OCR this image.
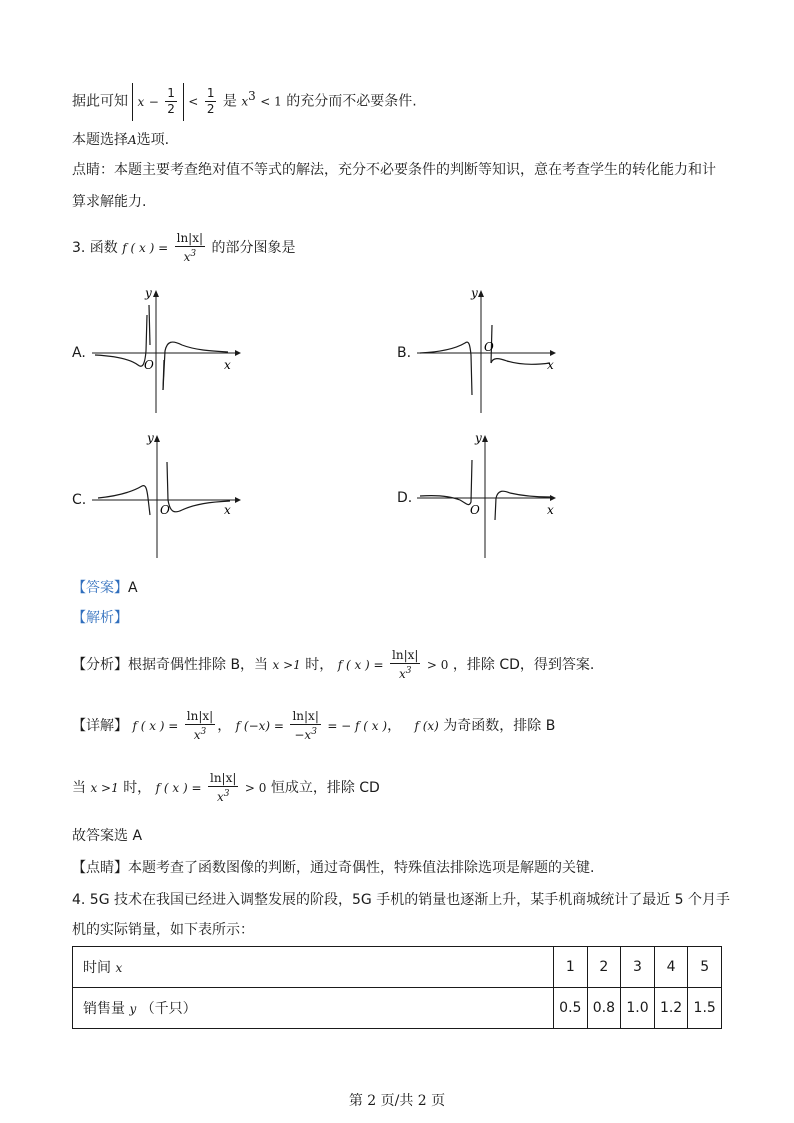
据此可知 $x - \frac{1}{2} < \frac{1}{2}$ 是 $x^3 < 1$ 的充分而不必要条件.
本题选择A选项.
点睛：本题主要考查绝对值不等式的解法，充分不必要条件的判断等知识，意在考查学生的转化能力和计
算求解能力.
3. 函数 f ( x ) = $\frac{\ln|x|}{x^3}$ 的部分图象是
A.	B.
C.	D.
y
x
O
y
x
O
y
x
O
y
x
O
【答案】A
【解析】
【分析】根据奇偶性排除 B，当 x >1 时， f ( x ) = $\frac{\ln|x|}{x^3} > 0$ ，排除 CD，得到答案.
【详解】 f ( x ) = $\frac{\ln|x|}{x^3}$ ， f $(-x) = \frac{\ln|x|}{-x^3}$ = − f ( x )， f (x) 为奇函数，排除 B
当 x >1 时， f ( x ) = $\frac{\ln|x|}{x^3} > 0$ 恒成立，排除 CD
故答案选 A
【点睛】本题考查了函数图像的判断，通过奇偶性，特殊值法排除选项是解题的关键.
4. 5G 技术在我国已经进入调整发展的阶段，5G 手机的销量也逐渐上升，某手机商城统计了最近 5 个月手
机的实际销量，如下表所示：
时间 x	1	2	3	4	5
销售量 y （千只）	0.5	0.8	1.0	1.2	1.5
第 2 页/共 2 页
